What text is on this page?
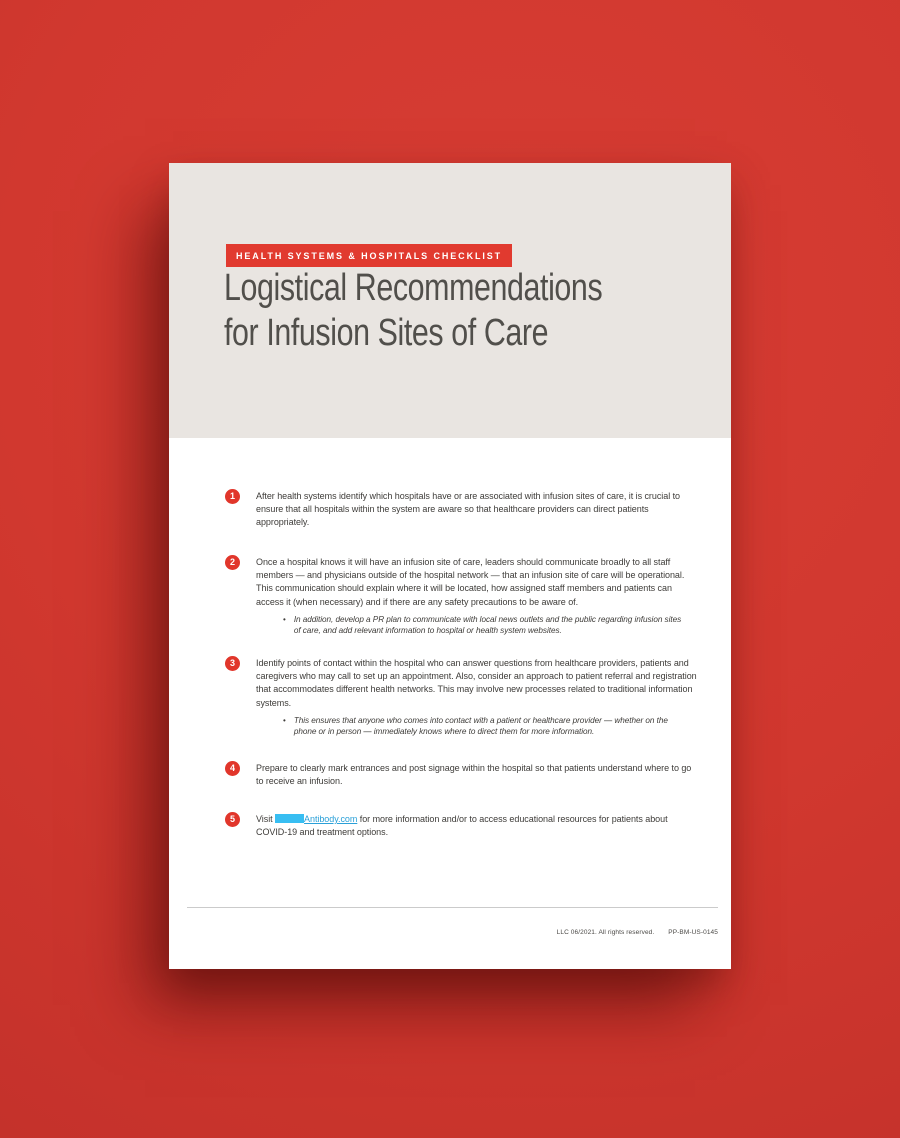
HEALTH SYSTEMS & HOSPITALS CHECKLIST
Logistical Recommendations
for Infusion Sites of Care
1	After health systems identify which hospitals have or are associated with infusion sites of care, it is crucial to ensure that all hospitals within the system are aware so that healthcare providers can direct patients appropriately.

2	Once a hospital knows it will have an infusion site of care, leaders should communicate broadly to all staff members — and physicians outside of the hospital network — that an infusion site of care will be operational. This communication should explain where it will be located, how assigned staff members and patients can access it (when necessary) and if there are any safety precautions to be aware of.

• In addition, develop a PR plan to communicate with local news outlets and the public regarding infusion sites of care, and add relevant information to hospital or health system websites.

3	Identify points of contact within the hospital who can answer questions from healthcare providers, patients and caregivers who may call to set up an appointment. Also, consider an approach to patient referral and registration that accommodates different health networks. This may involve new processes related to traditional information systems.

• This ensures that anyone who comes into contact with a patient or healthcare provider — whether on the phone or in person — immediately knows where to direct them for more information.

4	Prepare to clearly mark entrances and post signage within the hospital so that patients understand where to go to receive an infusion.

5	Visit	Antibody.com for more information and/or to access educational resources for patients about COVID-19 and treatment options.

LLC 06/2021. All rights reserved. PP-BM-US-0145
